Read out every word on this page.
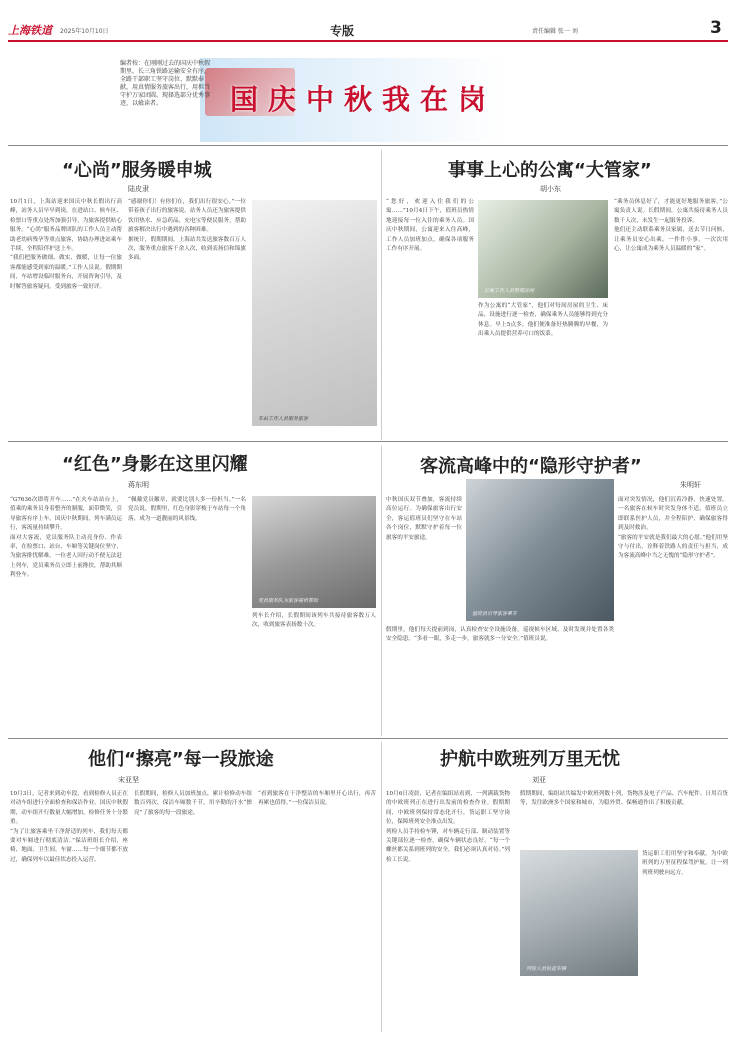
上海铁道 2025年10月10日	专版	责任编辑 张一 刘	3
编者按：在刚刚过去的国庆中秋假期里，长三角铁路运输安全有序，全路干部职工坚守岗位、默默奉献，用真情服务旅客出行，用担当守护万家团圆。现择选部分优秀事迹，以飨读者。	国庆中秋我在岗
“心尚”服务暖申城
陆皮隶

10月1日，上海站迎来国庆中秋长假出行高峰，站务人员早早到岗，在进站口、候车区、检票口等重点处所加强引导，为旅客提供贴心服务。“心尚”服务品牌团队的工作人员主动帮助老幼病残孕等重点旅客，协助办理进站乘车手续，全程陪伴护送上车。

“我们把服务做细、做实、做暖，让每一位旅客都能感受到家的温暖。”工作人员说。假期期间，车站增设临时服务台，开展咨询引导，及时解答旅客疑问，受到旅客一致好评。

“感谢你们！有你们在，我们出行很安心。”一位带着孩子出行的旅客说。站务人员还为旅客提供饮用热水、应急药品、充电宝等便民服务，帮助旅客解决出行中遇到的各种困难。

据统计，假期期间，上海站共发送旅客数百万人次，服务重点旅客千余人次，收到表扬信和锦旗多面。

车站工作人员服务旅客
事事上心的公寓“大管家”
胡小东
公寓工作人员整理房间

“您好，欢迎入住我们的公寓……”10月4日下午，值班员热情地迎接每一位入住的乘务人员。国庆中秋期间，公寓迎来入住高峰，工作人员加班加点，确保各项服务工作有序开展。

作为公寓的“大管家”，他们对每间房屋的卫生、床品、设施进行逐一检查，确保乘务人员能够得到充分休息。早上5点多，他们便准备好热腾腾的早餐，为出乘人员提供营养可口的饭菜。

“乘务员休息好了，才能更好地服务旅客。”公寓负责人说。长假期间，公寓共接待乘务人员数千人次，未发生一起服务投诉。

他们还主动联系乘务员家属，送去节日问候，让乘务员安心出乘。一件件小事，一次次用心，让公寓成为乘务人员温暖的“家”。

“红色”身影在这里闪耀
蒋东明

“G7636次即将开车……”在火车站站台上，值乘的乘务员身着整齐的制服，面带微笑，引导旅客有序上车。国庆中秋期间，列车满员运行，客流量持续攀升。

面对大客流，党员服务队主动亮身份、作表率，在检票口、站台、车厢等关键岗位坚守，为旅客排忧解难。一位老人因行动不便无法赶上列车，党员乘务员立即上前搀扶，帮助其顺利登车。

“佩戴党员徽章，就要比别人多一份担当。”一名党员说。假期里，红色身影穿梭于车站每一个角落，成为一道靓丽的风景线。

党员服务队为旅客提供帮助

列车长介绍，长假期间该列车共接待旅客数万人次，收到旅客表扬数十次。

客流高峰中的“隐形守护者”
朱明轩

中秋国庆双节叠加，客流持续高位运行。为确保旅客出行安全，客运值班员们坚守在车站各个岗位，默默守护着每一位旅客的平安旅途。

值班员引导旅客乘车

面对突发情况，他们沉着冷静、快速处置。一名旅客在候车时突发身体不适，值班员立即联系医护人员，并全程陪护，确保旅客得到及时救治。

“旅客的平安就是我们最大的心愿。”他们用坚守与付出，诠释着铁路人的责任与担当，成为客流高峰中当之无愧的“隐形守护者”。

假期里，他们每天提前到岗，认真检查安全设施设备，巡视候车区域，及时发现并处置各类安全隐患。“多看一眼，多走一步，旅客就多一分安全。”值班员说。

他们“擦亮”每一段旅途
宋亚坚

10月3日，记者来到动车段，看到检修人员正在对动车组进行全面检查和保洁作业。国庆中秋假期，动车组开行数量大幅增加，检修任务十分繁重。

“为了让旅客乘坐干净舒适的列车，我们每天都要对车厢进行彻底清洁。”保洁班组长介绍，座椅、地面、卫生间、车窗……每一个细节都不放过，确保列车以最佳状态投入运营。

长假期间，检修人员加班加点，累计检修动车组数百列次，保洁车厢数千节，用辛勤的汗水“擦亮”了旅客的每一段旅途。

“看到旅客在干净整洁的车厢里开心出行，再苦再累也值得。”一位保洁员说。

护航中欧班列万里无忧
刘亚

10月6日凌晨，记者在编组站看到，一列满载货物的中欧班列正在进行出发前的检查作业。假期期间，中欧班列保持常态化开行，货运职工坚守岗位，保障班列安全准点出发。

列检人员手持检车锤，对车辆走行部、制动装置等关键部位逐一检查，确保车辆状态良好。“每一个螺丝都关系到班列的安全，我们必须认真对待。”列检工长说。

假期期间，编组站共编发中欧班列数十列，货物涉及电子产品、汽车配件、日用百货等，发往欧洲多个国家和城市，为稳外贸、保畅通作出了积极贡献。

列检人员检查车辆

货运职工们用坚守和奉献，为中欧班列的万里征程保驾护航，让一列列班列驶向远方。
